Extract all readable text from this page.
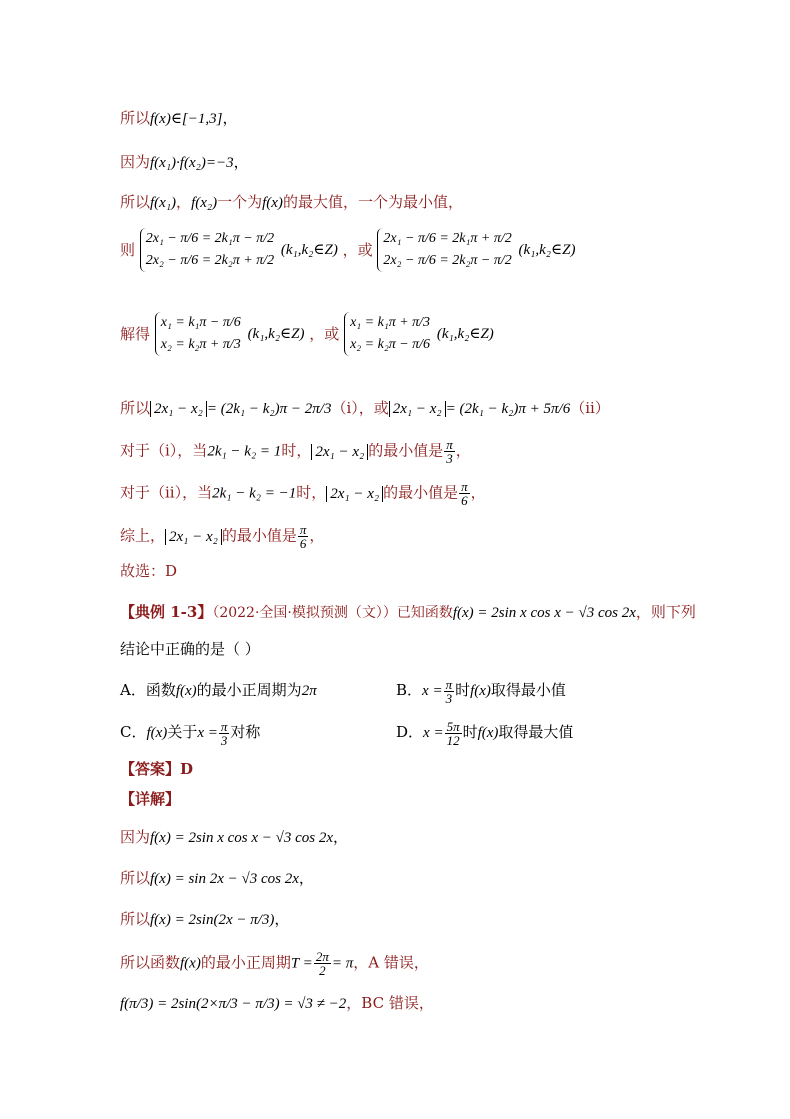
所以f(x)∈[−1,3]，
因为f(x₁)·f(x₂)=−3，
所以f(x₁)，f(x₂)一个为f(x)的最大值，一个为最小值，
则
2x₁ − π/6 = 2k₁π − π/2
2x₂ − π/6 = 2k₂π + π/2
(k₁,k₂∈Z) ，或
2x₁ − π/6 = 2k₁π + π/2
2x₂ − π/6 = 2k₂π − π/2
(k₁,k₂∈Z)
解得
x₁ = k₁π − π/6
x₂ = k₂π + π/3
(k₁,k₂∈Z) ，或
x₁ = k₁π + π/3
x₂ = k₂π − π/6
(k₁,k₂∈Z)
所以 2x₁ − x₂ = (2k₁ − k₂)π − 2π/3（i），或 2x₁ − x₂ = (2k₁ − k₂)π + 5π/6（ii）
对于（i），当2k₁ − k₂ = 1时， 2x₁ − x₂ 的最小值是 $\frac{\pi}{3}$ ，
对于（ii），当2k₁ − k₂ = −1时， 2x₁ − x₂ 的最小值是 $\frac{\pi}{6}$ ，
综上， 2x₁ − x₂ 的最小值是 $\frac{\pi}{6}$ ，
故选：D
【典例 1-3】（2022·全国·模拟预测（文））已知函数f(x) = 2sin x cos x − √3 cos 2x，则下列
结论中正确的是（ ）
A．函数f(x)的最小正周期为2π	B．$x = \frac{\pi}{3}$ 时f(x)取得最小值
C．f(x)关于$x = \frac{\pi}{3}$ 对称	D．$x = \frac{5\pi}{12}$ 时f(x)取得最大值
【答案】D
【详解】
因为f(x) = 2sin x cos x − √3 cos 2x，
所以f(x) = sin 2x − √3 cos 2x，
所以f(x) = 2sin(2x − π/3)，
所以函数f(x)的最小正周期$T = \frac{2\pi}{2} = \pi$，A 错误，
f(π/3) = 2sin(2×π/3 − π/3) = √3 ≠ −2，BC 错误，
